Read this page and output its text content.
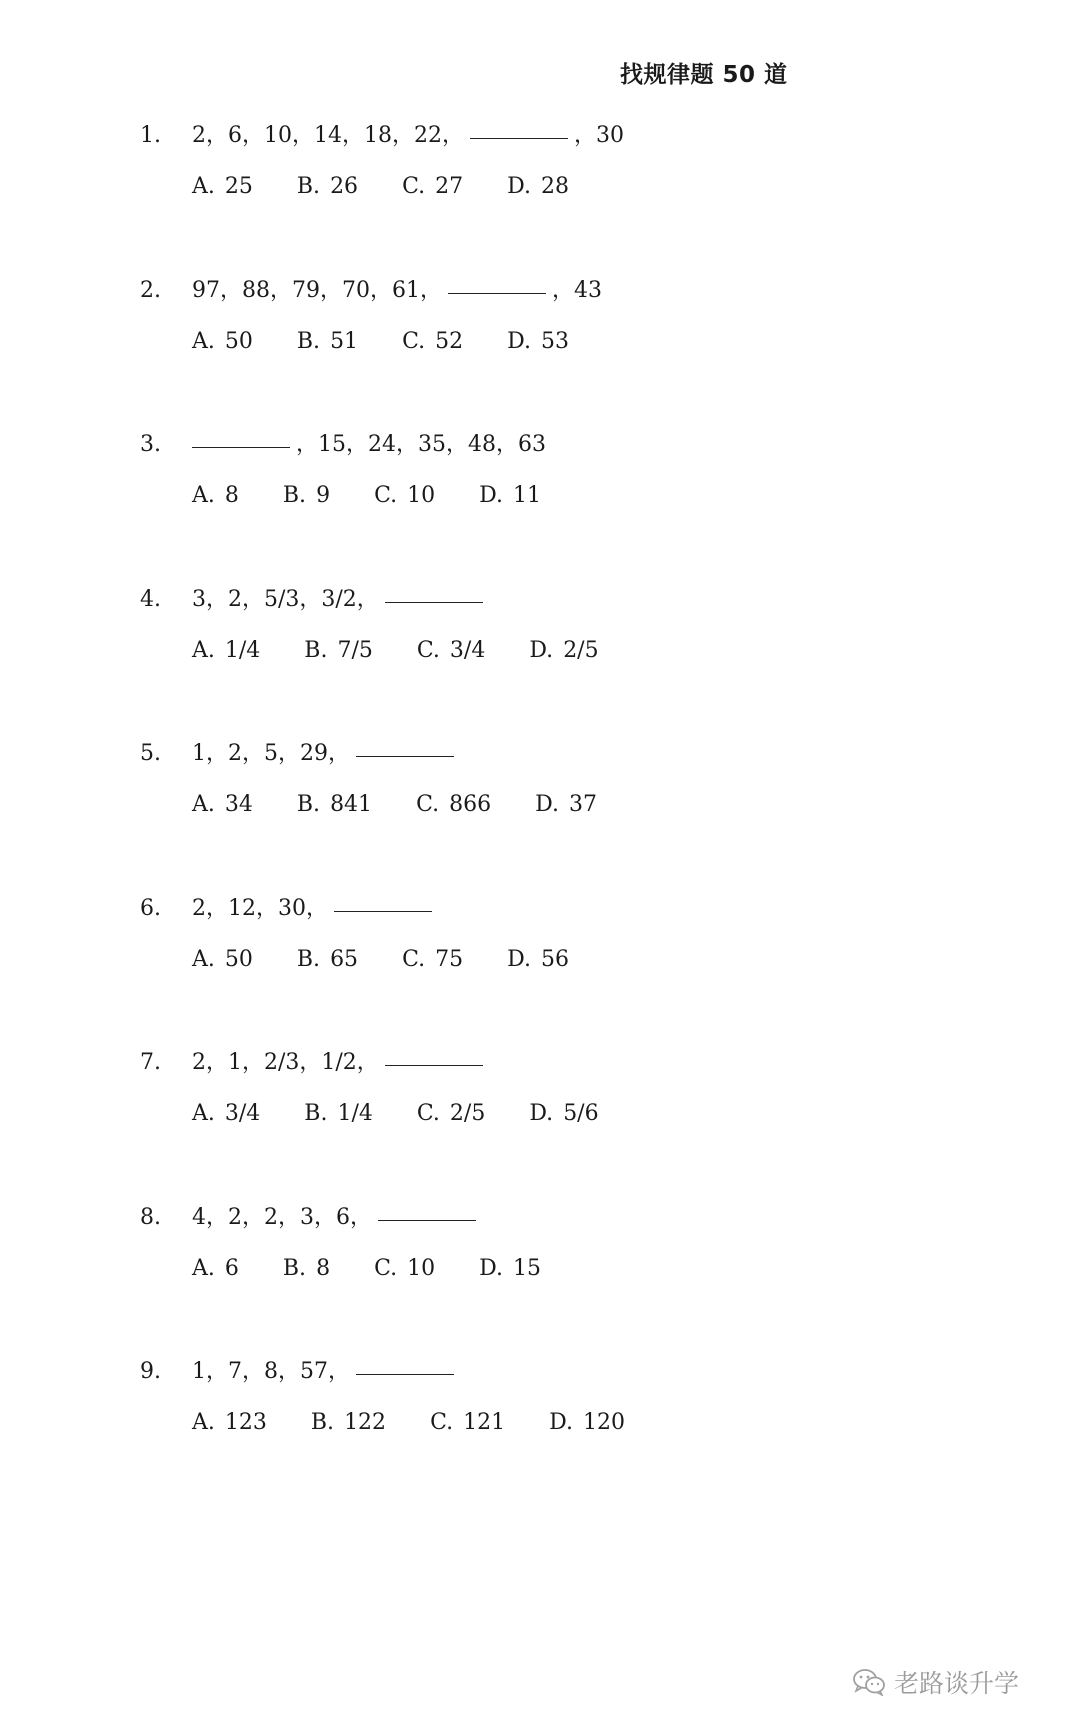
找规律题 50 道
1.	2，6，10，14，18，22，	，30
A. 25 B. 26 C. 27 D. 28
2.	97，88，79，70，61，	，43
A. 50 B. 51 C. 52 D. 53
3.	，15，24，35，48，63
A. 8 B. 9 C. 10 D. 11
4.	3，2，5/3，3/2，
A. 1/4 B. 7/5 C. 3/4 D. 2/5
5.	1，2，5，29，
A. 34 B. 841 C. 866 D. 37
6.	2，12，30，
A. 50 B. 65 C. 75 D. 56
7.	2，1，2/3，1/2，
A. 3/4 B. 1/4 C. 2/5 D. 5/6
8.	4，2，2，3，6，
A. 6 B. 8 C. 10 D. 15
9.	1，7，8，57，
A. 123 B. 122 C. 121 D. 120
老路谈升学
